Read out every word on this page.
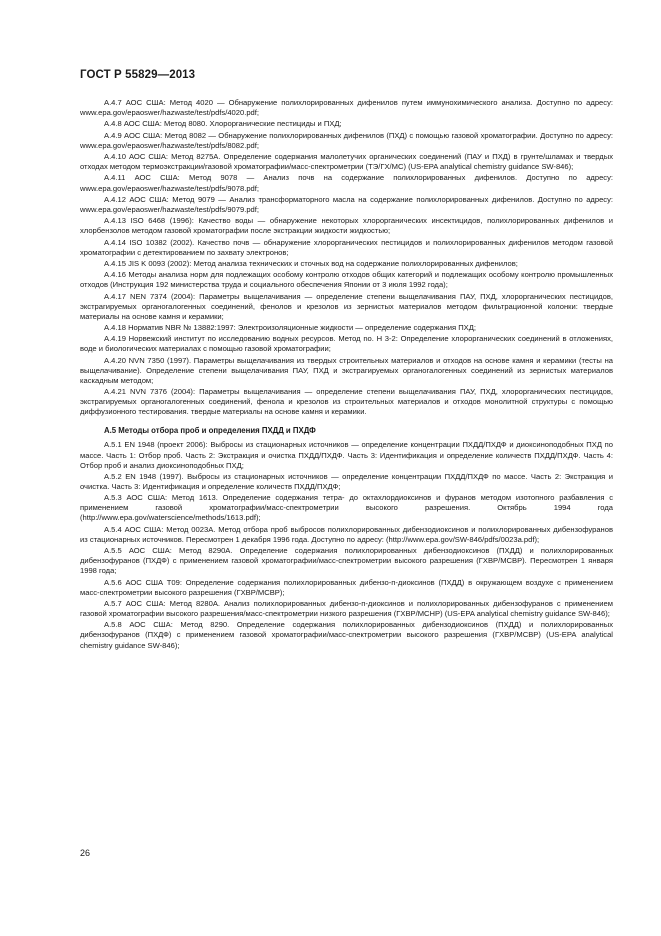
ГОСТ Р 55829—2013

А.4.7 АОС США: Метод 4020 — Обнаружение полихлорированных дифенилов путем иммунохимического анализа. Доступно по адресу: www.epa.gov/epaoswer/hazwaste/test/pdfs/4020.pdf;

А.4.8 АОС США: Метод 8080. Хлорорганические пестициды и ПХД;

А.4.9 АОС США: Метод 8082 — Обнаружение полихлорированных дифенилов (ПХД) с помощью газовой хроматографии. Доступно по адресу: www.epa.gov/epaoswer/hazwaste/test/pdfs/8082.pdf;

А.4.10 АОС США: Метод 8275А. Определение содержания малолетучих органических соединений (ПАУ и ПХД) в грунте/шламах и твердых отходах методом термоэкстракции/газовой хроматографии/масс-спектрометрии (ТЭ/ГХ/МС) (US-EPA analytical chemistry guidance SW-846);

А.4.11 АОС США: Метод 9078 — Анализ почв на содержание полихлорированных дифенилов. Доступно по адресу: www.epa.gov/epaoswer/hazwaste/test/pdfs/9078.pdf;

А.4.12 АОС США: Метод 9079 — Анализ трансформаторного масла на содержание полихлорированных дифенилов. Доступно по адресу: www.epa.gov/epaoswer/hazwaste/test/pdfs/9079.pdf;

А.4.13 ISO 6468 (1996): Качество воды — обнаружение некоторых хлорорганических инсектицидов, полихлорированных дифенилов и хлорбензолов методом газовой хроматографии после экстракции жидкости жидкостью;

А.4.14 ISO 10382 (2002). Качество почв — обнаружение хлорорганических пестицидов и полихлорированных дифенилов методом газовой хроматографии с детектированием по захвату электронов;

А.4.15 JIS K 0093 (2002): Метод анализа технических и сточных вод на содержание полихлорированных дифенилов;

А.4.16 Методы анализа норм для подлежащих особому контролю отходов общих категорий и подлежащих особому контролю промышленных отходов (Инструкция 192 министерства труда и социального обеспечения Японии от 3 июля 1992 года);

А.4.17 NEN 7374 (2004): Параметры выщелачивания — определение степени выщелачивания ПАУ, ПХД, хлорорганических пестицидов, экстрагируемых органогалогенных соединений, фенолов и крезолов из зернистых материалов методом фильтрационной колонки: твердые материалы на основе камня и керамики;

А.4.18 Норматив NBR № 13882:1997: Электроизоляционные жидкости — определение содержания ПХД;

А.4.19 Норвежский институт по исследованию водных ресурсов. Метод no. H 3-2: Определение хлорорганических соединений в отложениях, воде и биологических материалах с помощью газовой хроматографии;

А.4.20 NVN 7350 (1997). Параметры выщелачивания из твердых строительных материалов и отходов на основе камня и керамики (тесты на выщелачивание). Определение степени выщелачивания ПАУ, ПХД и экстрагируемых органогалогенных соединений из зернистых материалов каскадным методом;

А.4.21 NVN 7376 (2004): Параметры выщелачивания — определение степени выщелачивания ПАУ, ПХД, хлорорганических пестицидов, экстрагируемых органогалогенных соединений, фенола и крезолов из строительных материалов и отходов монолитной структуры с помощью диффузионного тестирования. твердые материалы на основе камня и керамики.

А.5 Методы отбора проб и определения ПХДД и ПХДФ

А.5.1 EN 1948 (проект 2006): Выбросы из стационарных источников — определение концентрации ПХДД/ПХДФ и диоксиноподобных ПХД по массе. Часть 1: Отбор проб. Часть 2: Экстракция и очистка ПХДД/ПХДФ. Часть 3: Идентификация и определение количеств ПХДД/ПХДФ. Часть 4: Отбор проб и анализ диоксиноподобных ПХД;

А.5.2 EN 1948 (1997). Выбросы из стационарных источников — определение концентрации ПХДД/ПХДФ по массе. Часть 2: Экстракция и очистка. Часть 3: Идентификация и определение количеств ПХДД/ПХДФ;

А.5.3 АОС США: Метод 1613. Определение содержания тетра- до октахлордиоксинов и фуранов методом изотопного разбавления с применением газовой хроматографии/масс-спектрометрии высокого разрешения. Октябрь 1994 года (http://www.epa.gov/waterscience/methods/1613.pdf);

А.5.4 АОС США: Метод 0023А. Метод отбора проб выбросов полихлорированных дибензодиоксинов и полихлорированных дибензофуранов из стационарных источников. Пересмотрен 1 декабря 1996 года. Доступно по адресу: (http://www.epa.gov/SW-846/pdfs/0023a.pdf);

А.5.5 АОС США: Метод 8290А. Определение содержания полихлорированных дибензодиоксинов (ПХДД) и полихлорированных дибензофуранов (ПХДФ) с применением газовой хроматографии/масс-спектрометрии высокого разрешения (ГХВР/МСВР). Пересмотрен 1 января 1998 года;

А.5.6 АОС США Т09: Определение содержания полихлорированных дибензо-п-диоксинов (ПХДД) в окружающем воздухе с применением масс-спектрометрии высокого разрешения (ГХВР/МСВР);

А.5.7 АОС США: Метод 8280А. Анализ полихлорированных дибензо-п-диоксинов и полихлорированных дибензофуранов с применением газовой хроматографии высокого разрешения/масс-спектрометрии низкого разрешения (ГХВР/МСНР) (US-EPA analytical chemistry guidance SW-846);

А.5.8 АОС США: Метод 8290. Определение содержания полихлорированных дибензодиоксинов (ПХДД) и полихлорированных дибензофуранов (ПХДФ) с применением газовой хроматографии/масс-спектрометрии высокого разрешения (ГХВР/МСВР) (US-EPA analytical chemistry guidance SW-846);

26
